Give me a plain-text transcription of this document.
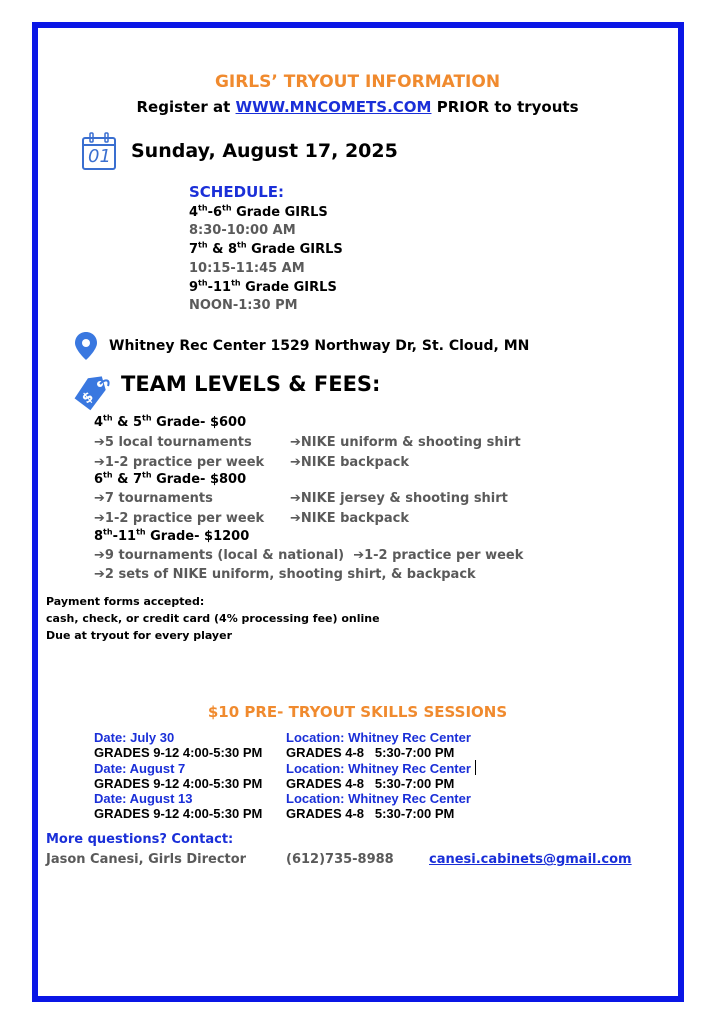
GIRLS’ TRYOUT INFORMATION
Register at WWW.MNCOMETS.COM PRIOR to tryouts
01 Sunday, August 17, 2025
SCHEDULE:
4th-6th Grade GIRLS
8:30-10:00 AM
7th & 8th Grade GIRLS
10:15-11:45 AM
9th-11th Grade GIRLS
NOON-1:30 PM
Whitney Rec Center 1529 Northway Dr, St. Cloud, MN
$
TEAM LEVELS & FEES:
4th & 5th Grade- $600
➔5 local tournaments	➔NIKE uniform & shooting shirt
➔1-2 practice per week ➔NIKE backpack
6th & 7th Grade- $800
➔7 tournaments	➔NIKE jersey & shooting shirt
➔1-2 practice per week ➔NIKE backpack
8th-11th Grade- $1200
➔9 tournaments (local & national) ➔1-2 practice per week
➔2 sets of NIKE uniform, shooting shirt, & backpack
Payment forms accepted:
cash, check, or credit card (4% processing fee) online
Due at tryout for every player
$10 PRE- TRYOUT SKILLS SESSIONS
Date: July 30	Location: Whitney Rec Center
GRADES 9-12 4:00-5:30 PM GRADES 4-8   5:30-7:00 PM
Date: August 7	Location: Whitney Rec Center
GRADES 9-12 4:00-5:30 PM GRADES 4-8   5:30-7:00 PM
Date: August 13	Location: Whitney Rec Center
GRADES 9-12 4:00-5:30 PM GRADES 4-8   5:30-7:00 PM
More questions? Contact:
Jason Canesi, Girls Director	(612)735-8988	canesi.cabinets@gmail.com
